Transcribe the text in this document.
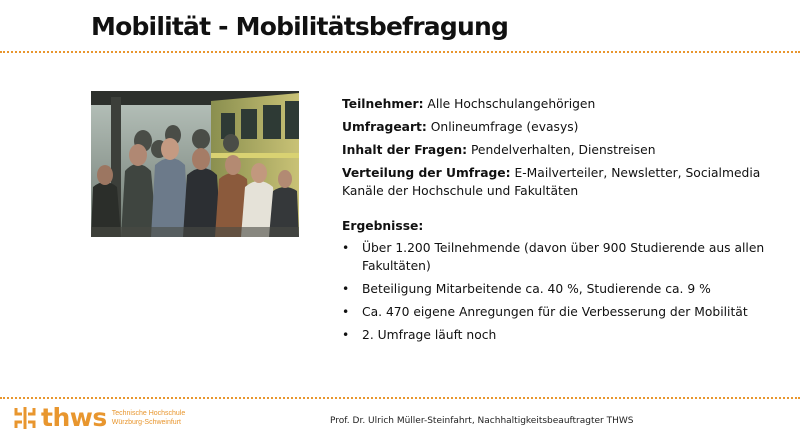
Mobilität - Mobilitätsbefragung

Teilnehmer: Alle Hochschulangehörigen

Umfrageart: Onlineumfrage (evasys)

Inhalt der Fragen: Pendelverhalten, Dienstreisen

Verteilung der Umfrage: E-Mailverteiler, Newsletter, Socialmedia Kanäle der Hochschule und Fakultäten

Ergebnisse:

• Über 1.200 Teilnehmende (davon über 900 Studierende aus allen Fakultäten)
• Beteiligung Mitarbeitende ca. 40 %, Studierende ca. 9 %
• Ca. 470 eigene Anregungen für die Verbesserung der Mobilität
• 2. Umfrage läuft noch
thws Technische Hochschule
Würzburg-Schweinfurt	Prof. Dr. Ulrich Müller-Steinfahrt, Nachhaltigkeitsbeauftragter THWS
